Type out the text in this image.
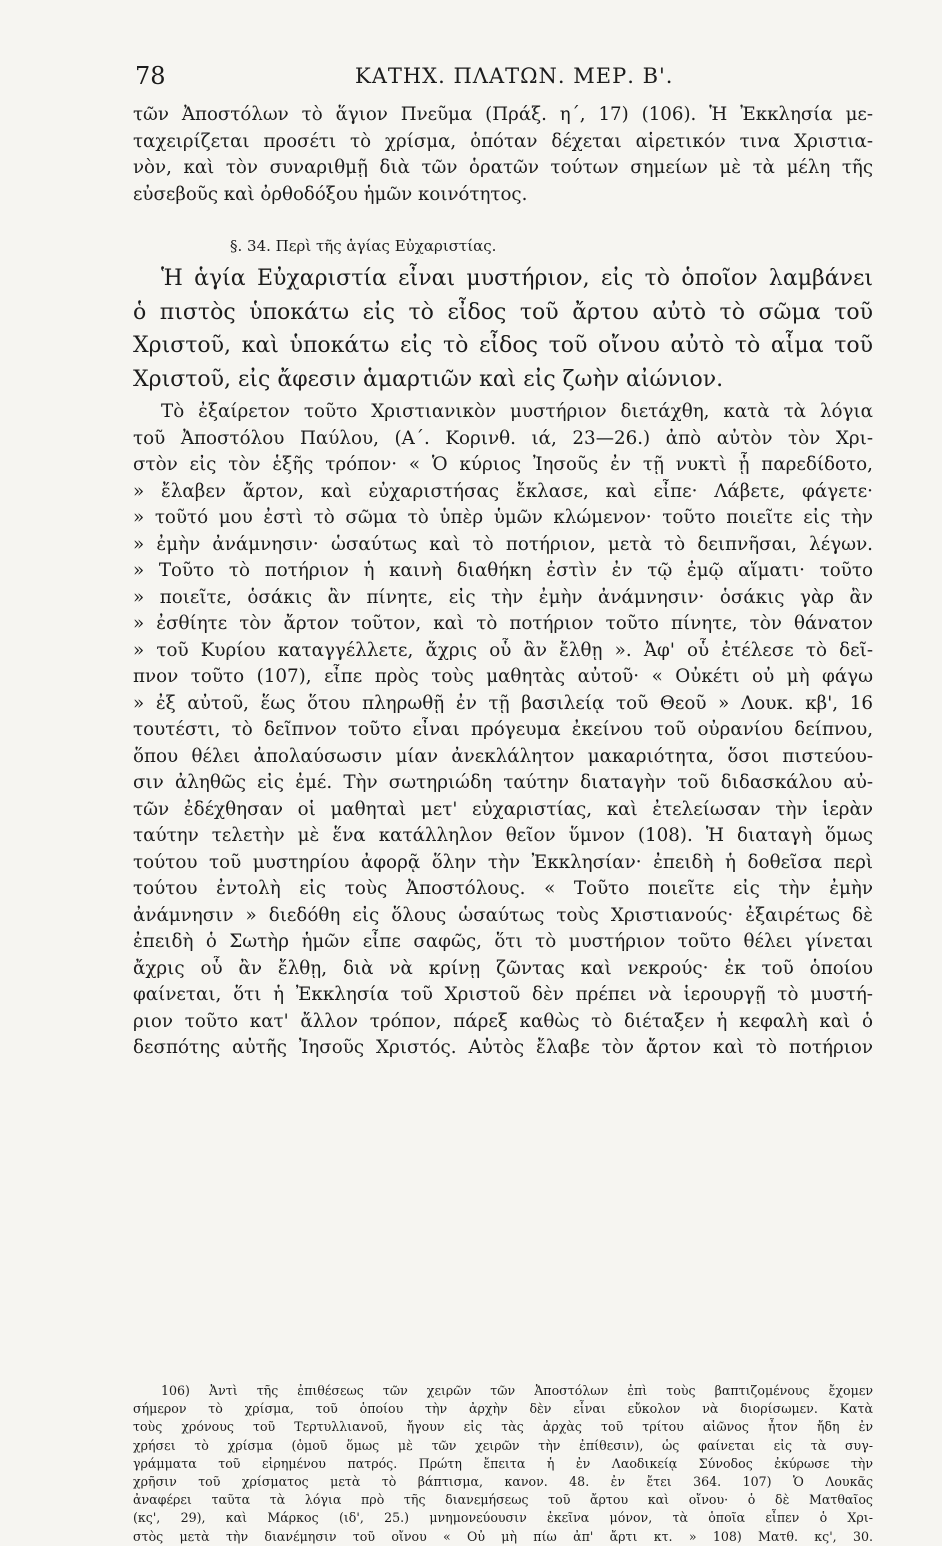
78	ΚΑΤΗΧ. ΠΛΑΤΩΝ. ΜΕΡ. Β'.
τῶν Ἀποστόλων τὸ ἅγιον Πνεῦμα (Πράξ. η΄, 17) (106). Ἡ Ἐκκλησία με-
ταχειρίζεται προσέτι τὸ χρίσμα, ὁπόταν δέχεται αἱρετικόν τινα Χριστια-
νὸν, καὶ τὸν συναριθμῇ διὰ τῶν ὁρατῶν τούτων σημείων μὲ τὰ μέλη τῆς
εὐσεβοῦς καὶ ὀρθοδόξου ἡμῶν κοινότητος.
§. 34. Περὶ τῆς ἁγίας Εὐχαριστίας.
Ἡ ἁγία Εὐχαριστία εἶναι μυστήριον, εἰς τὸ ὁποῖον λαμβάνει
ὁ πιστὸς ὑποκάτω εἰς τὸ εἶδος τοῦ ἄρτου αὐτὸ τὸ σῶμα τοῦ
Χριστοῦ, καὶ ὑποκάτω εἰς τὸ εἶδος τοῦ οἴνου αὐτὸ τὸ αἷμα τοῦ
Χριστοῦ, εἰς ἄφεσιν ἁμαρτιῶν καὶ εἰς ζωὴν αἰώνιον.
Τὸ ἐξαίρετον τοῦτο Χριστιανικὸν μυστήριον διετάχθη, κατὰ τὰ λόγια
τοῦ Ἀποστόλου Παύλου, (Α΄. Κορινθ. ιά, 23—26.) ἀπὸ αὐτὸν τὸν Χρι-
στὸν εἰς τὸν ἑξῆς τρόπον· « Ὁ κύριος Ἰησοῦς ἐν τῇ νυκτὶ ᾗ παρεδίδοτο,
» ἔλαβεν ἄρτον, καὶ εὐχαριστήσας ἔκλασε, καὶ εἶπε· Λάβετε, φάγετε·
» τοῦτό μου ἐστὶ τὸ σῶμα τὸ ὑπὲρ ὑμῶν κλώμενον· τοῦτο ποιεῖτε εἰς τὴν
» ἐμὴν ἀνάμνησιν· ὡσαύτως καὶ τὸ ποτήριον, μετὰ τὸ δειπνῆσαι, λέγων.
» Τοῦτο τὸ ποτήριον ἡ καινὴ διαθήκη ἐστὶν ἐν τῷ ἐμῷ αἵματι· τοῦτο
» ποιεῖτε, ὁσάκις ἂν πίνητε, εἰς τὴν ἐμὴν ἀνάμνησιν· ὁσάκις γὰρ ἂν
» ἐσθίητε τὸν ἄρτον τοῦτον, καὶ τὸ ποτήριον τοῦτο πίνητε, τὸν θάνατον
» τοῦ Κυρίου καταγγέλλετε, ἄχρις οὗ ἂν ἔλθῃ ». Ἀφ' οὗ ἐτέλεσε τὸ δεῖ-
πνον τοῦτο (107), εἶπε πρὸς τοὺς μαθητὰς αὐτοῦ· « Οὐκέτι οὐ μὴ φάγω
» ἐξ αὐτοῦ, ἕως ὅτου πληρωθῇ ἐν τῇ βασιλείᾳ τοῦ Θεοῦ » Λουκ. κβ', 16
τουτέστι, τὸ δεῖπνον τοῦτο εἶναι πρόγευμα ἐκείνου τοῦ οὐρανίου δείπνου,
ὅπου θέλει ἀπολαύσωσιν μίαν ἀνεκλάλητον μακαριότητα, ὅσοι πιστεύου-
σιν ἀληθῶς εἰς ἐμέ. Τὴν σωτηριώδη ταύτην διαταγὴν τοῦ διδασκάλου αὐ-
τῶν ἐδέχθησαν οἱ μαθηταὶ μετ' εὐχαριστίας, καὶ ἐτελείωσαν τὴν ἱερὰν
ταύτην τελετὴν μὲ ἕνα κατάλληλον θεῖον ὕμνον (108). Ἡ διαταγὴ ὅμως
τούτου τοῦ μυστηρίου ἀφορᾷ ὅλην τὴν Ἐκκλησίαν· ἐπειδὴ ἡ δοθεῖσα περὶ
τούτου ἐντολὴ εἰς τοὺς Ἀποστόλους. « Τοῦτο ποιεῖτε εἰς τὴν ἐμὴν
ἀνάμνησιν » διεδόθη εἰς ὅλους ὡσαύτως τοὺς Χριστιανούς· ἐξαιρέτως δὲ
ἐπειδὴ ὁ Σωτὴρ ἡμῶν εἶπε σαφῶς, ὅτι τὸ μυστήριον τοῦτο θέλει γίνεται
ἄχρις οὗ ἂν ἔλθῃ, διὰ νὰ κρίνῃ ζῶντας καὶ νεκρούς· ἐκ τοῦ ὁποίου
φαίνεται, ὅτι ἡ Ἐκκλησία τοῦ Χριστοῦ δὲν πρέπει νὰ ἱερουργῇ τὸ μυστή-
ριον τοῦτο κατ' ἄλλον τρόπον, πάρεξ καθὼς τὸ διέταξεν ἡ κεφαλὴ καὶ ὁ
δεσπότης αὐτῆς Ἰησοῦς Χριστός. Αὐτὸς ἔλαβε τὸν ἄρτον καὶ τὸ ποτήριον
106) Ἀντὶ τῆς ἐπιθέσεως τῶν χειρῶν τῶν Ἀποστόλων ἐπὶ τοὺς βαπτιζομένους ἔχομεν
σήμερον τὸ χρίσμα, τοῦ ὁποίου τὴν ἀρχὴν δὲν εἶναι εὔκολον νὰ διορίσωμεν. Κατὰ
τοὺς χρόνους τοῦ Τερτυλλιανοῦ, ἤγουν εἰς τὰς ἀρχὰς τοῦ τρίτου αἰῶνος ἦτον ἤδη ἐν
χρήσει τὸ χρίσμα (ὁμοῦ ὅμως μὲ τῶν χειρῶν τὴν ἐπίθεσιν), ὡς φαίνεται εἰς τὰ συγ-
γράμματα τοῦ εἰρημένου πατρός. Πρώτη ἔπειτα ἡ ἐν Λαοδικείᾳ Σύνοδος ἐκύρωσε τὴν
χρῆσιν τοῦ χρίσματος μετὰ τὸ βάπτισμα, κανον. 48. ἐν ἔτει 364. 107) Ὁ Λουκᾶς
ἀναφέρει ταῦτα τὰ λόγια πρὸ τῆς διανεμήσεως τοῦ ἄρτου καὶ οἴνου· ὁ δὲ Ματθαῖος
(κς', 29), καὶ Μάρκος (ιδ', 25.) μνημονεύουσιν ἐκεῖνα μόνον, τὰ ὁποῖα εἶπεν ὁ Χρι-
στὸς μετὰ τὴν διανέμησιν τοῦ οἴνου « Οὐ μὴ πίω ἀπ' ἄρτι κτ. » 108) Ματθ. κς', 30.
